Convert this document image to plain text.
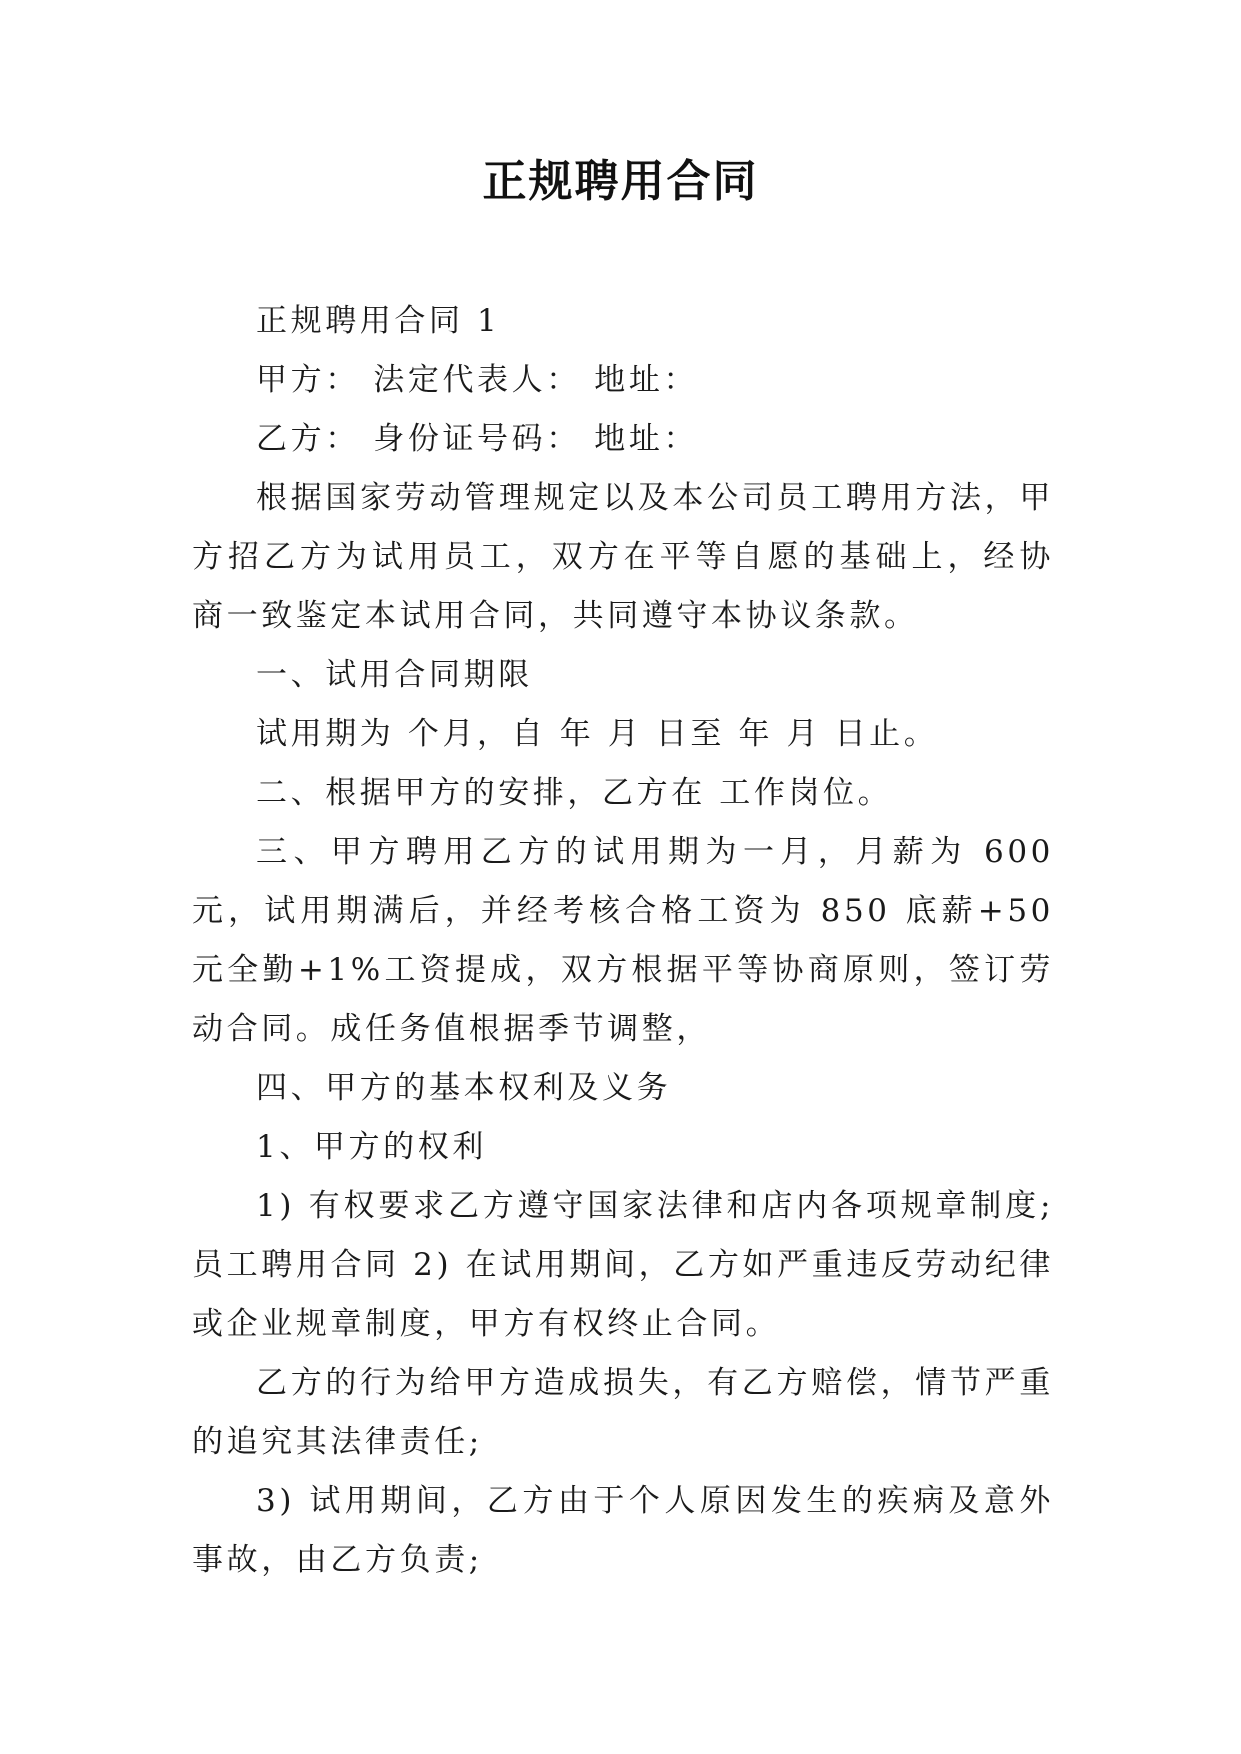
正规聘用合同

正规聘用合同 1

甲方： 法定代表人： 地址：

乙方： 身份证号码： 地址：

根据国家劳动管理规定以及本公司员工聘用方法，甲方招乙方为试用员工，双方在平等自愿的基础上，经协商一致鉴定本试用合同，共同遵守本协议条款。

一、试用合同期限

试用期为 个月，自 年 月 日至 年 月 日止。

二、根据甲方的安排，乙方在 工作岗位。

三、甲方聘用乙方的试用期为一月，月薪为 600 元，试用期满后，并经考核合格工资为 850 底薪+50 元全勤+1%工资提成，双方根据平等协商原则，签订劳动合同。成任务值根据季节调整，

四、甲方的基本权利及义务

1、甲方的权利

1) 有权要求乙方遵守国家法律和店内各项规章制度;员工聘用合同 2) 在试用期间，乙方如严重违反劳动纪律或企业规章制度，甲方有权终止合同。

乙方的行为给甲方造成损失，有乙方赔偿，情节严重的追究其法律责任;

3) 试用期间，乙方由于个人原因发生的疾病及意外事故，由乙方负责;
